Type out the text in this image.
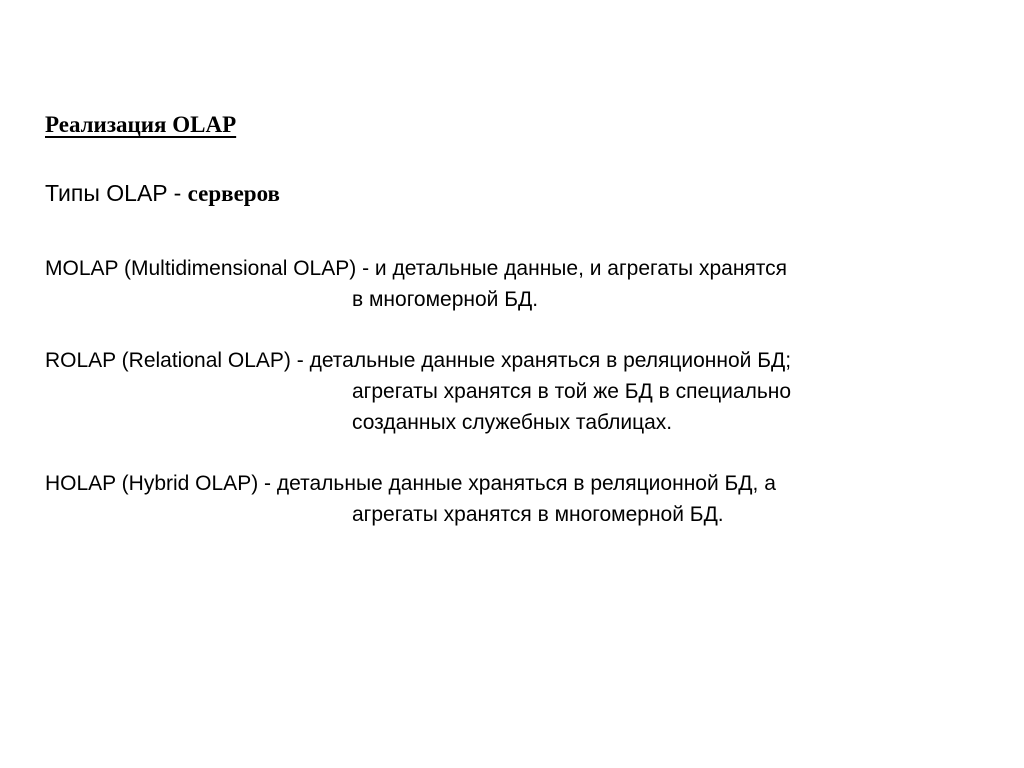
Реализация OLAP
Типы OLAP - серверов
MOLAP (Multidimensional OLAP) - и детальные данные, и агрегаты хранятся
в многомерной БД.
ROLAP (Relational OLAP) - детальные данные храняться в реляционной БД;
агрегаты хранятся в той же БД в специально
созданных служебных таблицах.
HOLAP (Hybrid OLAP) - детальные данные храняться в реляционной БД, а
агрегаты хранятся в многомерной БД.
